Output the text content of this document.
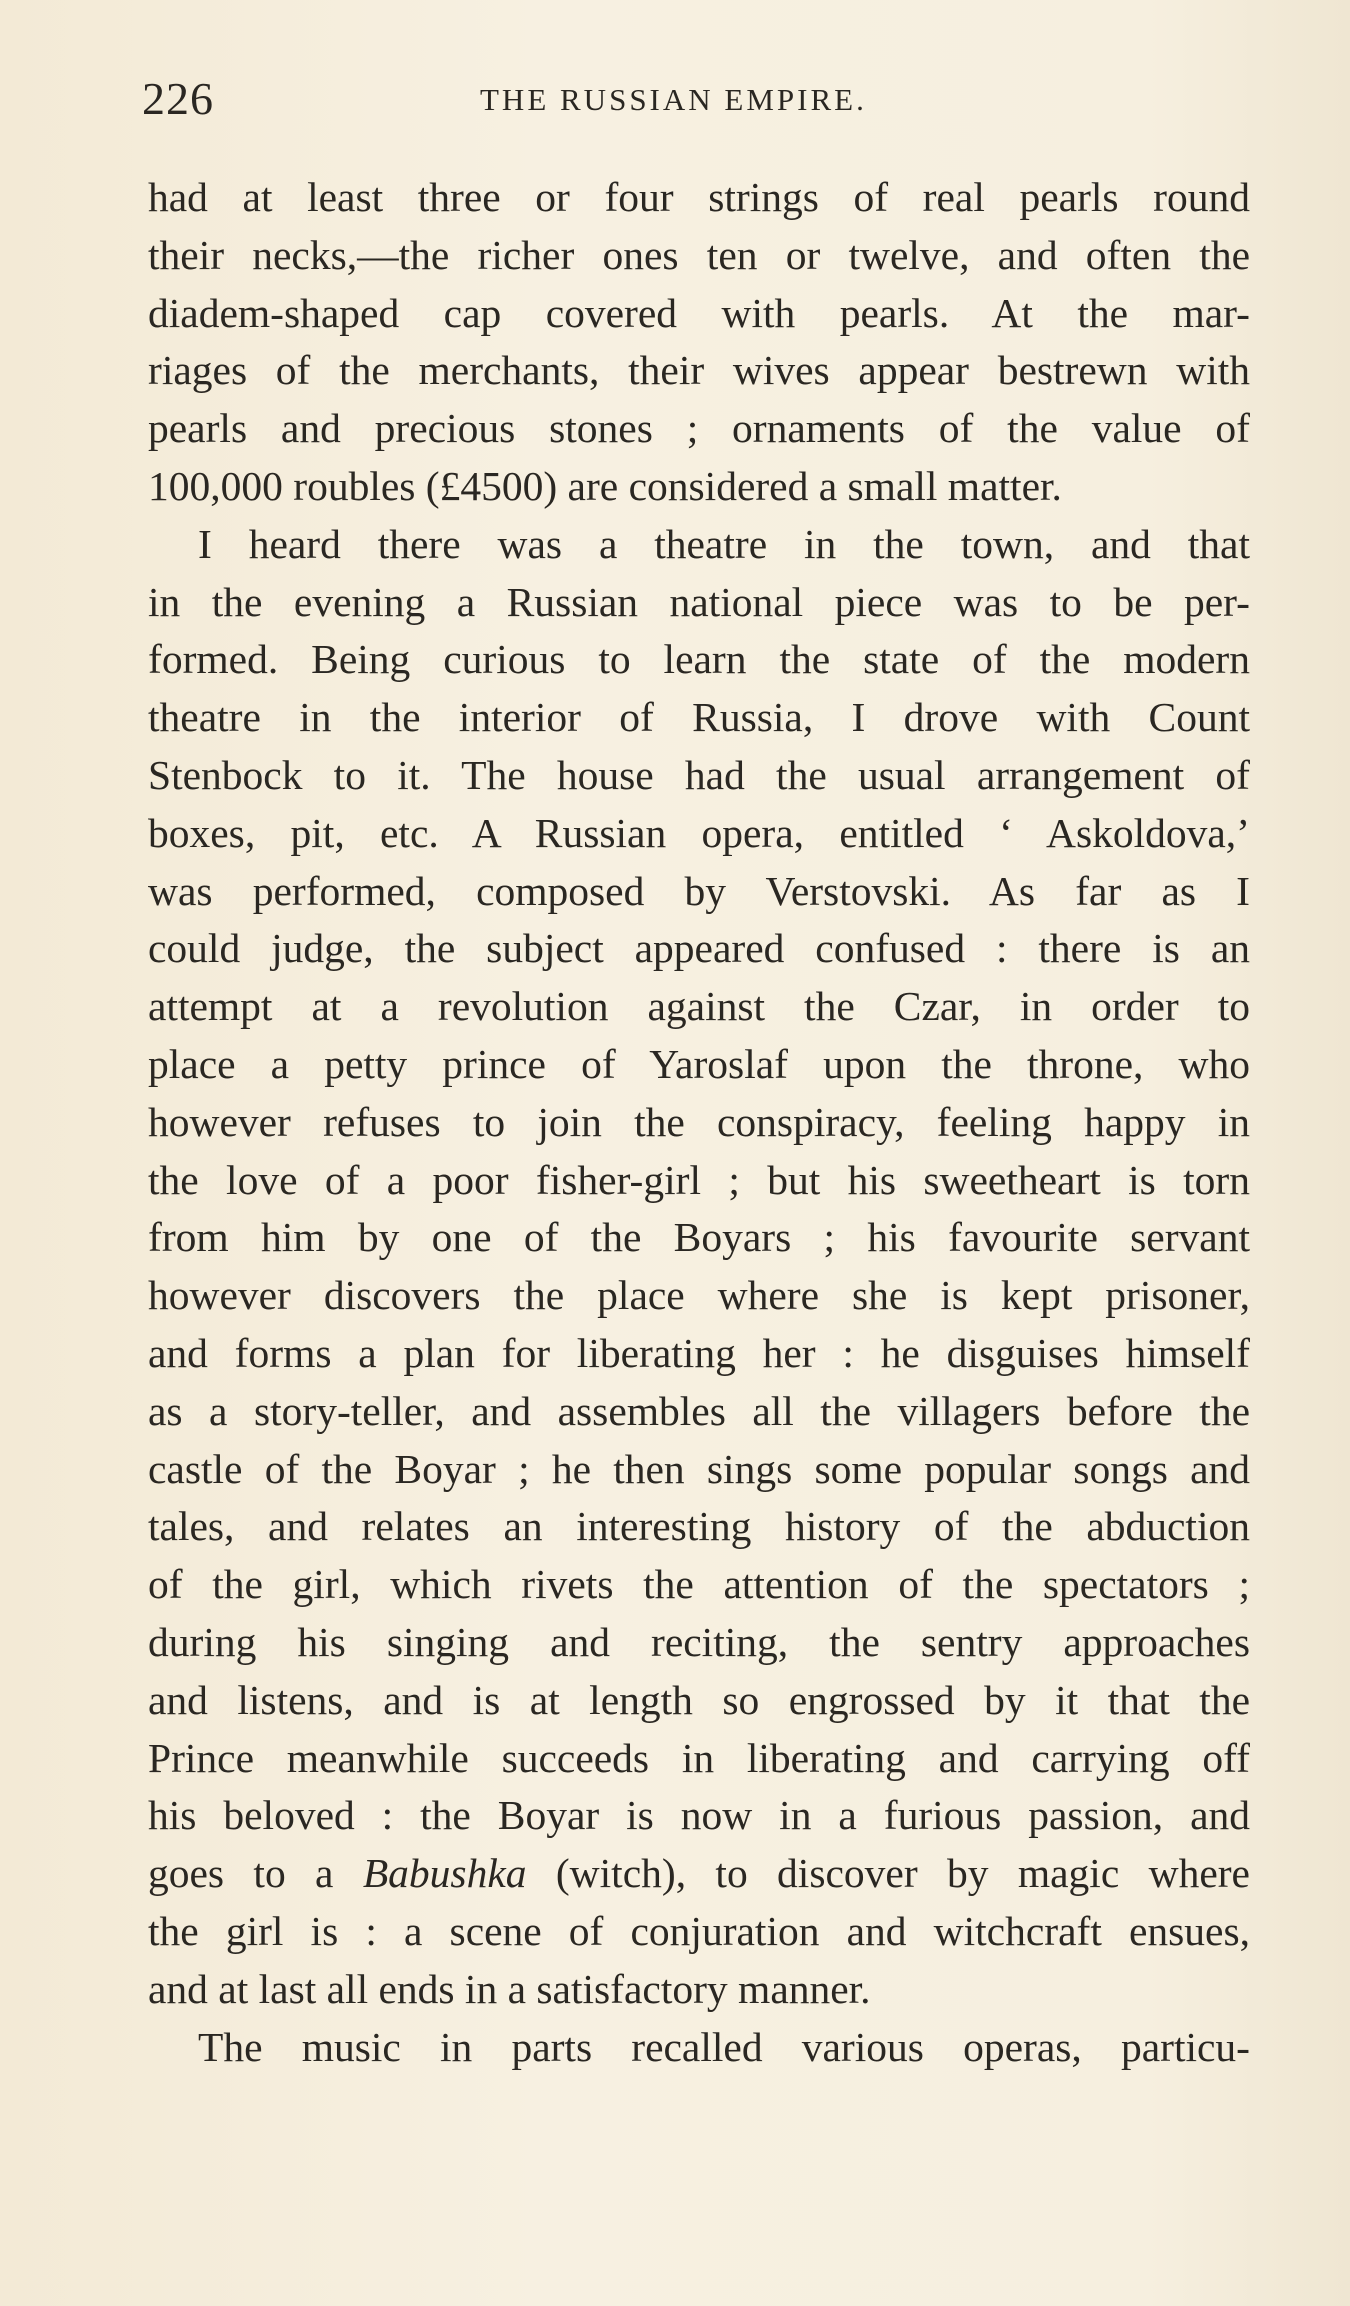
226	THE RUSSIAN EMPIRE.
had at least three or four strings of real pearls round
their necks,—the richer ones ten or twelve, and often the
diadem-shaped cap covered with pearls. At the mar-
riages of the merchants, their wives appear bestrewn with
pearls and precious stones ; ornaments of the value of
100,000 roubles (£4500) are considered a small matter.
I heard there was a theatre in the town, and that
in the evening a Russian national piece was to be per-
formed. Being curious to learn the state of the modern
theatre in the interior of Russia, I drove with Count
Stenbock to it. The house had the usual arrangement of
boxes, pit, etc. A Russian opera, entitled ‘ Askoldova,’
was performed, composed by Verstovski. As far as I
could judge, the subject appeared confused : there is an
attempt at a revolution against the Czar, in order to
place a petty prince of Yaroslaf upon the throne, who
however refuses to join the conspiracy, feeling happy in
the love of a poor fisher-girl ; but his sweetheart is torn
from him by one of the Boyars ; his favourite servant
however discovers the place where she is kept prisoner,
and forms a plan for liberating her : he disguises himself
as a story-teller, and assembles all the villagers before the
castle of the Boyar ; he then sings some popular songs and
tales, and relates an interesting history of the abduction
of the girl, which rivets the attention of the spectators ;
during his singing and reciting, the sentry approaches
and listens, and is at length so engrossed by it that the
Prince meanwhile succeeds in liberating and carrying off
his beloved : the Boyar is now in a furious passion, and
goes to a Babushka (witch), to discover by magic where
the girl is : a scene of conjuration and witchcraft ensues,
and at last all ends in a satisfactory manner.
The music in parts recalled various operas, particu-
